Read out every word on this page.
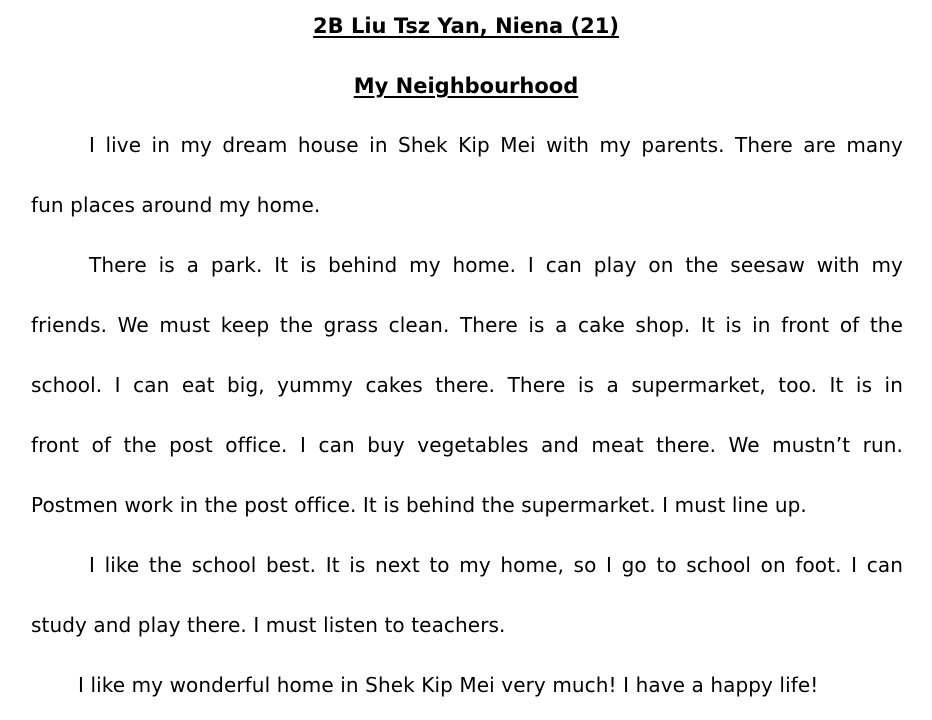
2B Liu Tsz Yan, Niena (21)
My Neighbourhood
I live in my dream house in Shek Kip Mei with my parents. There are many
fun places around my home.
There is a park. It is behind my home. I can play on the seesaw with my
friends. We must keep the grass clean. There is a cake shop. It is in front of the
school. I can eat big, yummy cakes there. There is a supermarket, too. It is in
front of the post office. I can buy vegetables and meat there. We mustn’t run.
Postmen work in the post office. It is behind the supermarket. I must line up.
I like the school best. It is next to my home, so I go to school on foot. I can
study and play there. I must listen to teachers.
I like my wonderful home in Shek Kip Mei very much! I have a happy life!
